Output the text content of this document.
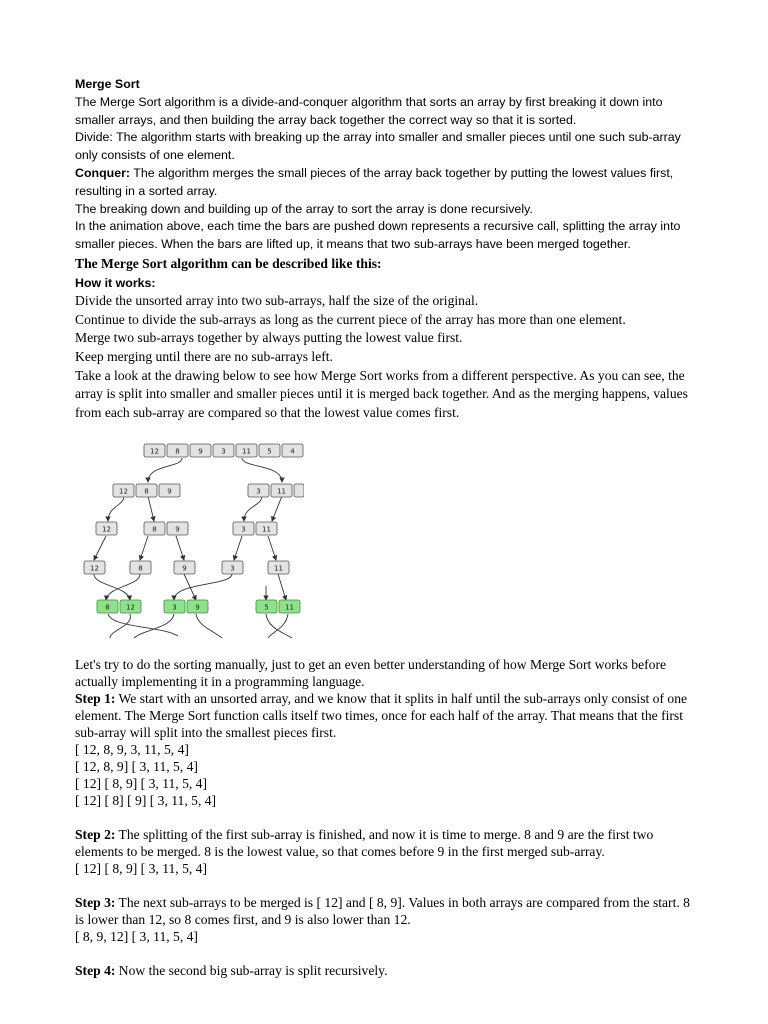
Merge Sort

The Merge Sort algorithm is a divide-and-conquer algorithm that sorts an array by first breaking it down into smaller arrays, and then building the array back together the correct way so that it is sorted.

Divide: The algorithm starts with breaking up the array into smaller and smaller pieces until one such sub-array only consists of one element.

Conquer: The algorithm merges the small pieces of the array back together by putting the lowest values first, resulting in a sorted array.

The breaking down and building up of the array to sort the array is done recursively.

In the animation above, each time the bars are pushed down represents a recursive call, splitting the array into smaller pieces. When the bars are lifted up, it means that two sub-arrays have been merged together.

The Merge Sort algorithm can be described like this:

How it works:

Divide the unsorted array into two sub-arrays, half the size of the original.

Continue to divide the sub-arrays as long as the current piece of the array has more than one element.

Merge two sub-arrays together by always putting the lowest value first.

Keep merging until there are no sub-arrays left.

Take a look at the drawing below to see how Merge Sort works from a different perspective. As you can see, the array is split into smaller and smaller pieces until it is merged back together. And as the merging happens, values from each sub-array are compared so that the lowest value comes first.

12 8	9	3 11 5	4
12 8	9	3 11
12	8	9	3 11
12	8	9	3	11
8 12	3	9	5 11

Let's try to do the sorting manually, just to get an even better understanding of how Merge Sort works before actually implementing it in a programming language.

Step 1: We start with an unsorted array, and we know that it splits in half until the sub-arrays only consist of one element. The Merge Sort function calls itself two times, once for each half of the array. That means that the first sub-array will split into the smallest pieces first.

[ 12, 8, 9, 3, 11, 5, 4]

[ 12, 8, 9] [ 3, 11, 5, 4]

[ 12] [ 8, 9] [ 3, 11, 5, 4]

[ 12] [ 8] [ 9] [ 3, 11, 5, 4]

Step 2: The splitting of the first sub-array is finished, and now it is time to merge. 8 and 9 are the first two elements to be merged. 8 is the lowest value, so that comes before 9 in the first merged sub-array.

[ 12] [ 8, 9] [ 3, 11, 5, 4]

Step 3: The next sub-arrays to be merged is [ 12] and [ 8, 9]. Values in both arrays are compared from the start. 8 is lower than 12, so 8 comes first, and 9 is also lower than 12.

[ 8, 9, 12] [ 3, 11, 5, 4]

Step 4: Now the second big sub-array is split recursively.
